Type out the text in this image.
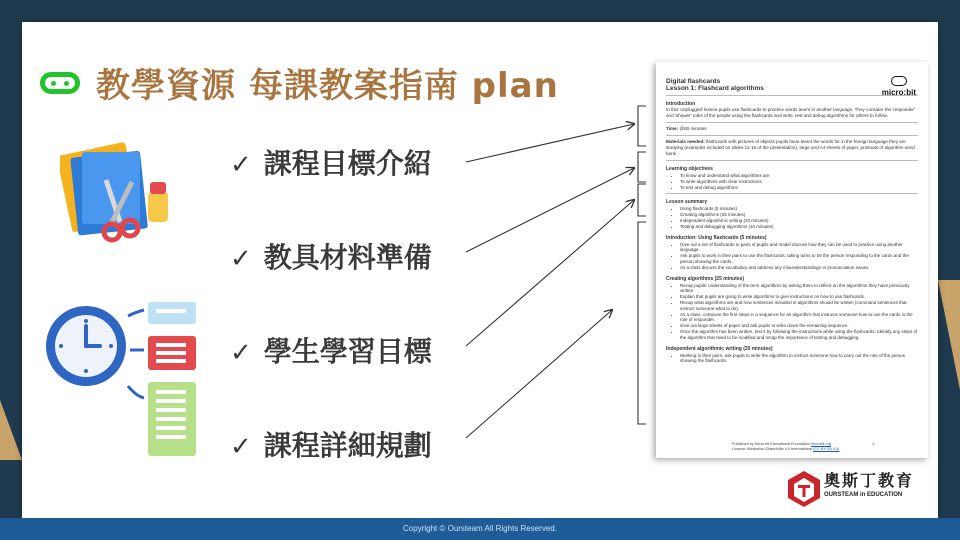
教學資源 每課教案指南 plan
✓ 課程目標介紹
✓ 教具材料準備
✓ 學生學習目標
✓ 課程詳細規劃
micro:bit

Digital flashcards

Lesson 1: Flashcard algorithms

Introduction

In this 'unplugged' lesson pupils use flashcards to practice words learnt in another language. They consider the 'responder' and 'shower' roles of the people using the flashcards and write, test and debug algorithms for others to follow.

Time: @60 minutes

Materials needed: flashcards with pictures of objects pupils have learnt the words for in the foreign language they are studying (examples included on slides 11-15 of the presentation), large and A4 sheets of paper, printouts of algorithm word bank

Learning objectives
• To know and understand what algorithms are
• To write algorithms with clear instructions
• To test and debug algorithms
Lesson summary
• Using flashcards (5 minutes)
• Creating algorithms (25 minutes)
• Independent algorithmic writing (20 minutes)
• Testing and debugging algorithms (10 minutes)
Introduction: Using flashcards (5 minutes)
• Give out a set of flashcards to pairs of pupils and model discuss how they can be used to practice using another language.
• Ask pupils to work in their pairs to use the flashcards, taking turns to be the person responding to the cards and the person showing the cards.
• As a class discuss the vocabulary and address any misunderstandings or pronunciation issues.
Creating algorithms (25 minutes)
• Recap pupils' understanding of the term algorithms by asking them to reflect on the algorithms they have previously written.
• Explain that pupils are going to write algorithms to give instructions on how to use flashcards.
• Recap what algorithms are and how sentences included in algorithms should be written (command sentences that instruct someone what to do).
• As a class, compose the first steps in a sequence for an algorithm that instructs someone how to use the cards in the role of responder.
• Give out large sheets of paper and ask pupils to write down the remaining sequence.
• Once the algorithm has been written, test it by following the instructions while using the flashcards. Identify any steps of the algorithm that need to be modified and recap the importance of testing and debugging.
Independent algorithmic writing (20 minutes)
• Working in their pairs, ask pupils to write the algorithm to instruct someone how to carry out the role of the person showing the flashcards.
Published by Micro:bit Educational Foundation microbit.org
Licence: Attribution-ShareAlike 4.0 International (CC BY-SA 4.0)
1
奧斯丁教育
OURSTEAM in EDUCATION
Copyright © Oursteam All Rights Reserved.
